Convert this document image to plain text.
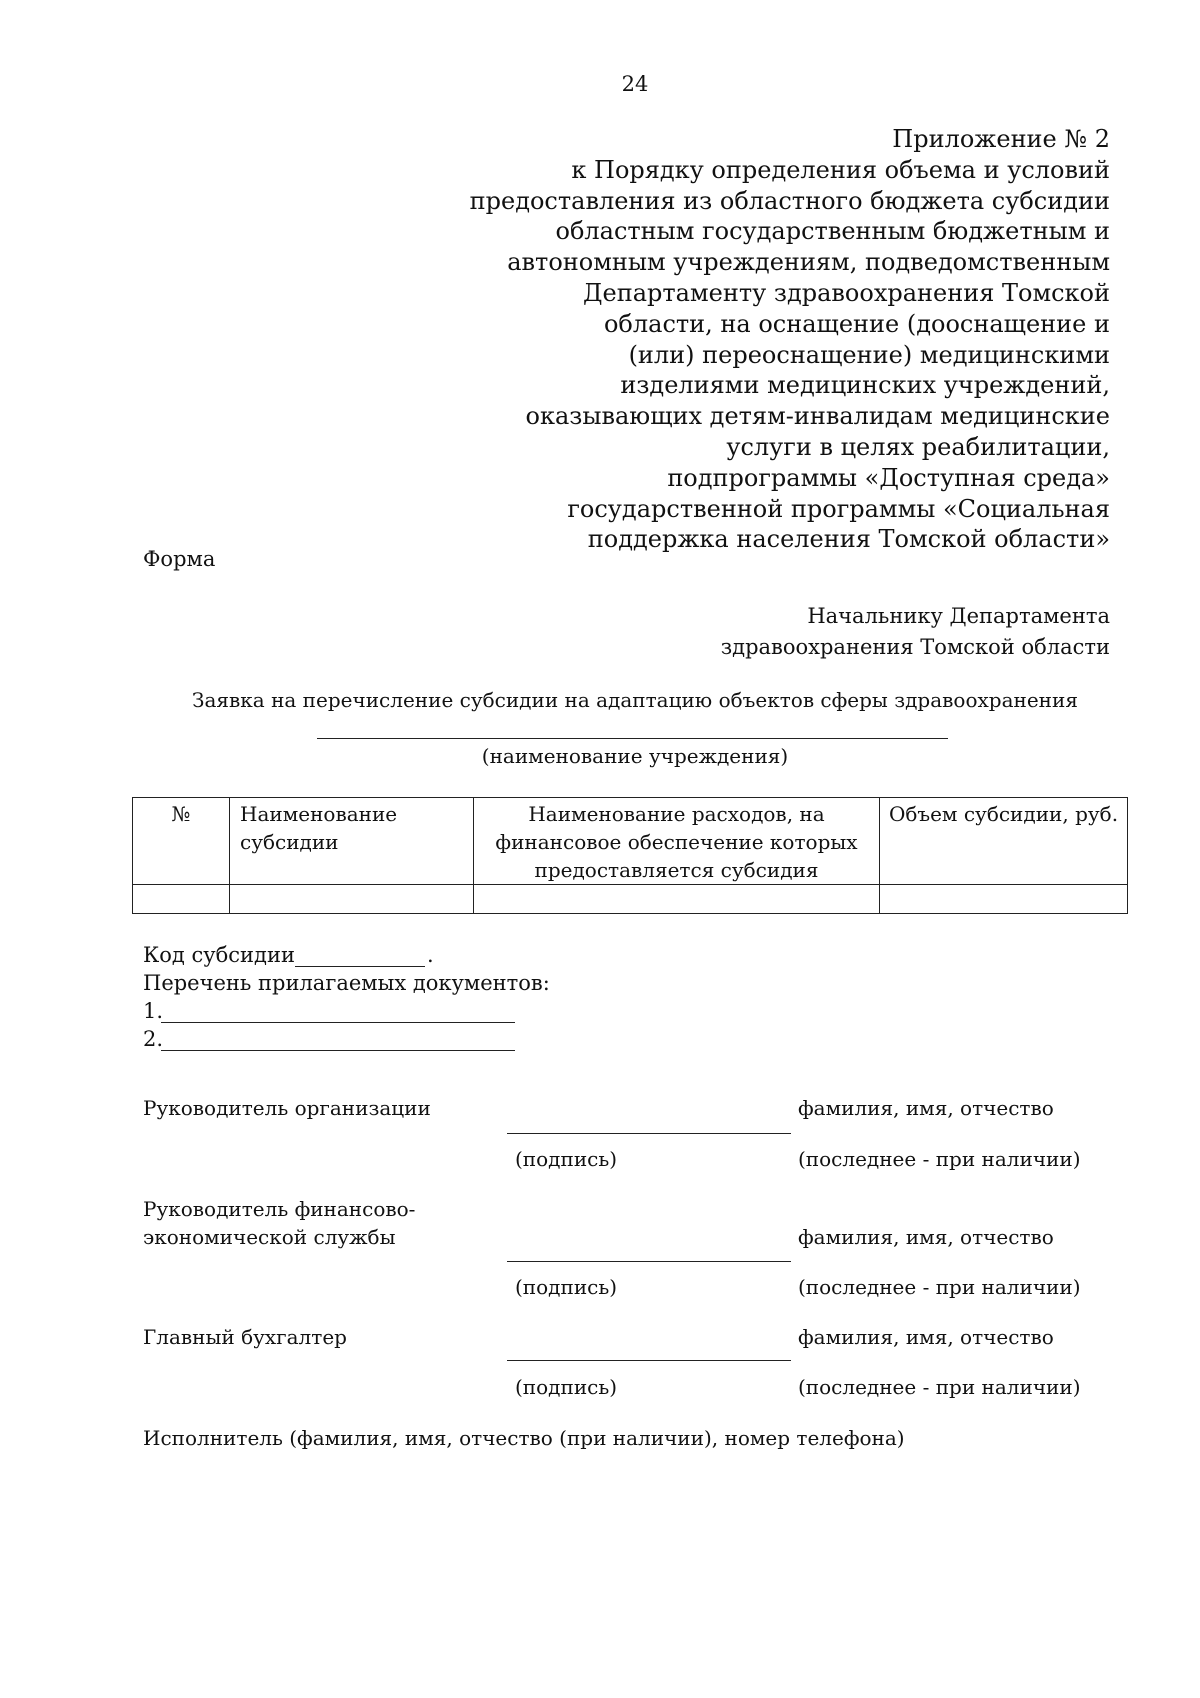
24
Приложение № 2
к Порядку определения объема и условий
предоставления из областного бюджета субсидии
областным государственным бюджетным и
автономным учреждениям, подведомственным
Департаменту здравоохранения Томской
области, на оснащение (дооснащение и
(или) переоснащение) медицинскими
изделиями медицинских учреждений,
оказывающих детям-инвалидам медицинские
услуги в целях реабилитации,
подпрограммы «Доступная среда»
государственной программы «Социальная
поддержка населения Томской области»
Форма
Начальнику Департамента
здравоохранения Томской области
Заявка на перечисление субсидии на адаптацию объектов сферы здравоохранения
(наименование учреждения)
№	Наименование субсидии	Наименование расходов, на финансовое обеспечение которых предоставляется субсидия	Объем субсидии, руб.

Код субсидии	.
Перечень прилагаемых документов:
1.
2.
Руководитель организации	фамилия, имя, отчество
(подпись)	(последнее - при наличии)
Руководитель финансово-
экономической службы	фамилия, имя, отчество
(подпись)	(последнее - при наличии)
Главный бухгалтер	фамилия, имя, отчество
(подпись)	(последнее - при наличии)
Исполнитель (фамилия, имя, отчество (при наличии), номер телефона)
